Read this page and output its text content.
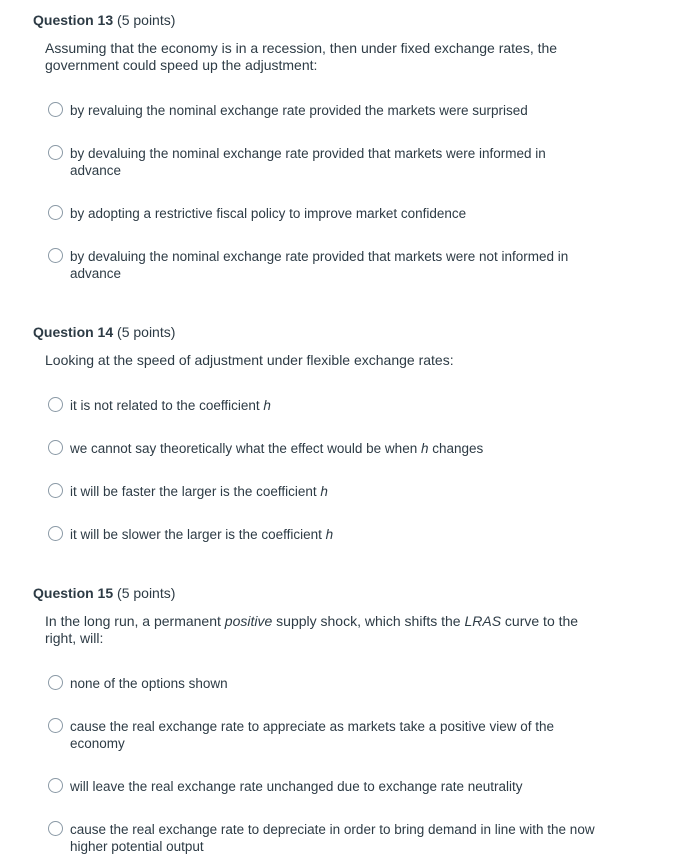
Question 13 (5 points)
Assuming that the economy is in a recession, then under fixed exchange rates, the government could speed up the adjustment:
by revaluing the nominal exchange rate provided the markets were surprised
by devaluing the nominal exchange rate provided that markets were informed in advance
by adopting a restrictive fiscal policy to improve market confidence
by devaluing the nominal exchange rate provided that markets were not informed in advance
Question 14 (5 points)
Looking at the speed of adjustment under flexible exchange rates:
it is not related to the coefficient h
we cannot say theoretically what the effect would be when h changes
it will be faster the larger is the coefficient h
it will be slower the larger is the coefficient h
Question 15 (5 points)
In the long run, a permanent positive supply shock, which shifts the LRAS curve to the right, will:
none of the options shown
cause the real exchange rate to appreciate as markets take a positive view of the economy
will leave the real exchange rate unchanged due to exchange rate neutrality
cause the real exchange rate to depreciate in order to bring demand in line with the now higher potential output
